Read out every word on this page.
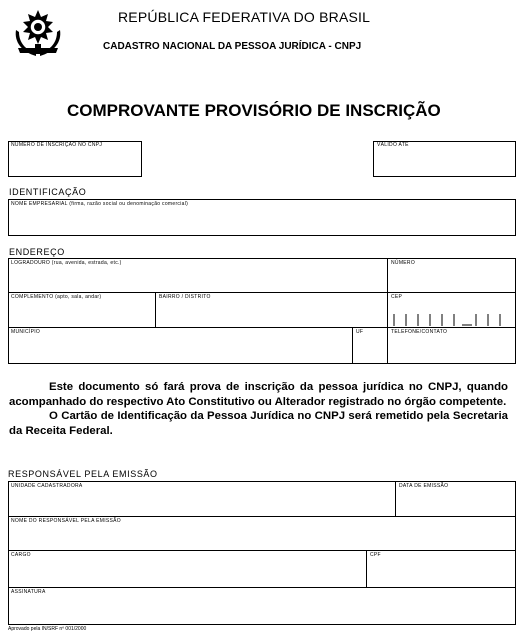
REPÚBLICA FEDERATIVA DO BRASIL
CADASTRO NACIONAL DA PESSOA JURÍDICA - CNPJ
COMPROVANTE PROVISÓRIO DE INSCRIÇÃO
NÚMERO DE INSCRIÇÃO NO CNPJ	VÁLIDO ATÉ
IDENTIFICAÇÃO
NOME EMPRESARIAL (firma, razão social ou denominação comercial)
ENDEREÇO
LOGRADOURO (rua, avenida, estrada, etc.)	NÚMERO
COMPLEMENTO (apto, sala, andar)	BAIRRO / DISTRITO	CEP
MUNICÍPIO	UF	TELEFONE/CONTATO

Este documento só fará prova de inscrição da pessoa jurídica no CNPJ, quando acompanhado do respectivo Ato Constitutivo ou Alterador registrado no órgão competente.

O Cartão de Identificação da Pessoa Jurídica no CNPJ será remetido pela Secretaria da Receita Federal.

RESPONSÁVEL PELA EMISSÃO
UNIDADE CADASTRADORA	DATA DE EMISSÃO
NOME DO RESPONSÁVEL PELA EMISSÃO
CARGO	CPF
ASSINATURA
Aprovado pela IN/SRF nº 001/2000
